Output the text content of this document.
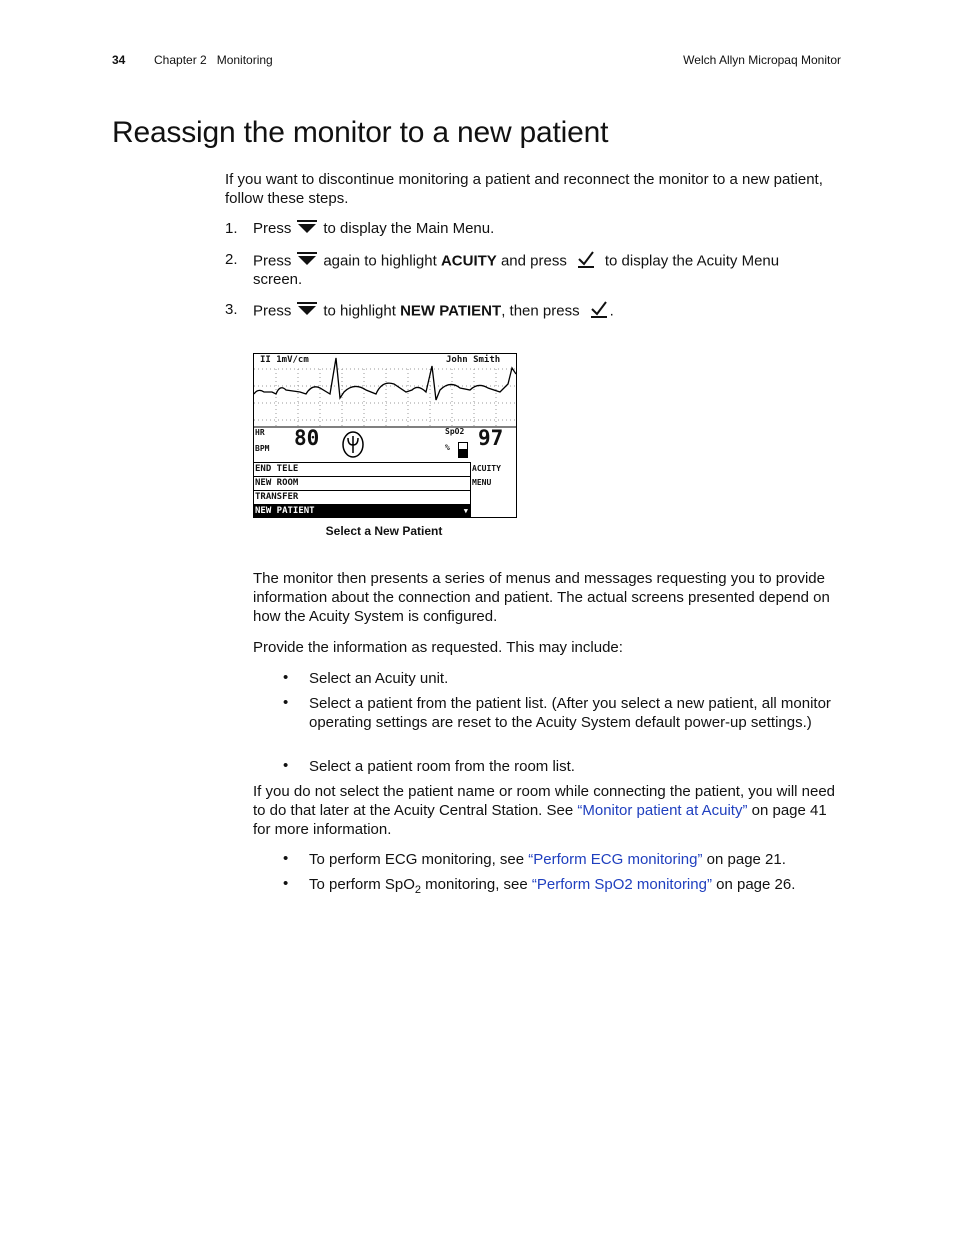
34 Chapter 2   Monitoring	Welch Allyn Micropaq Monitor
Reassign the monitor to a new patient
If you want to discontinue monitoring a patient and reconnect the monitor to a new patient, follow these steps.
1. Press to display the Main Menu.
2. Press again to highlight ACUITY and press	to display the Acuity Menu
screen.
3. Press to highlight NEW PATIENT, then press .
II 1mV/cm	John Smith
HR
BPM 80	SpO2
% 97
END TELE
NEW ROOM
TRANSFER
NEW PATIENT	▼
ACUITY
MENU
Select a New Patient
The monitor then presents a series of menus and messages requesting you to provide information about the connection and patient. The actual screens presented depend on how the Acuity System is configured.
Provide the information as requested. This may include:
• Select an Acuity unit.
• Select a patient from the patient list. (After you select a new patient, all monitor operating settings are reset to the Acuity System default power-up settings.)
• Select a patient room from the room list.
If you do not select the patient name or room while connecting the patient, you will need to do that later at the Acuity Central Station. See “Monitor patient at Acuity” on page 41 for more information.
• To perform ECG monitoring, see “Perform ECG monitoring” on page 21.
• To perform SpO$_2$ monitoring, see “Perform SpO2 monitoring” on page 26.
